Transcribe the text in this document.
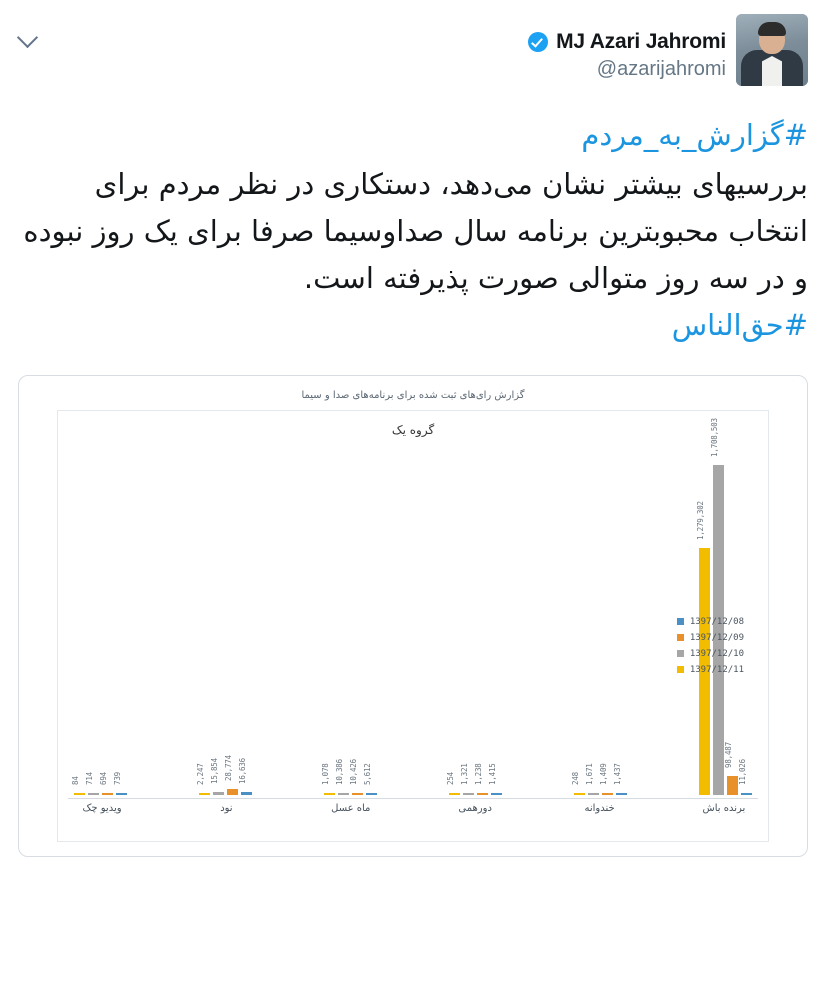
MJ Azari Jahromi
@azarijahromi
#گزارش_به_مردم
بررسیهای بیشتر نشان می‌دهد، دستکاری در نظر مردم برای انتخاب محبوبترین برنامه سال صداوسیما صرفا برای یک روز نبوده و در سه روز متوالی صورت پذیرفته است.
#حق‌الناس
گزارش رای‌های ثبت شده برای برنامه‌های صدا و سیما
گروه یک
11,026
98,487
1,708,503
1,279,302
1,437
1,409
1,671
248
1,415
1,238
1,321
254
5,612
10,426
10,386
1,078
16,636
28,774
15,854
2,247
739
694
714
84
برنده باش
خندوانه
دورهمی
ماه عسل
نود
ویدیو چک
1397/12/08
1397/12/09
1397/12/10
1397/12/11
